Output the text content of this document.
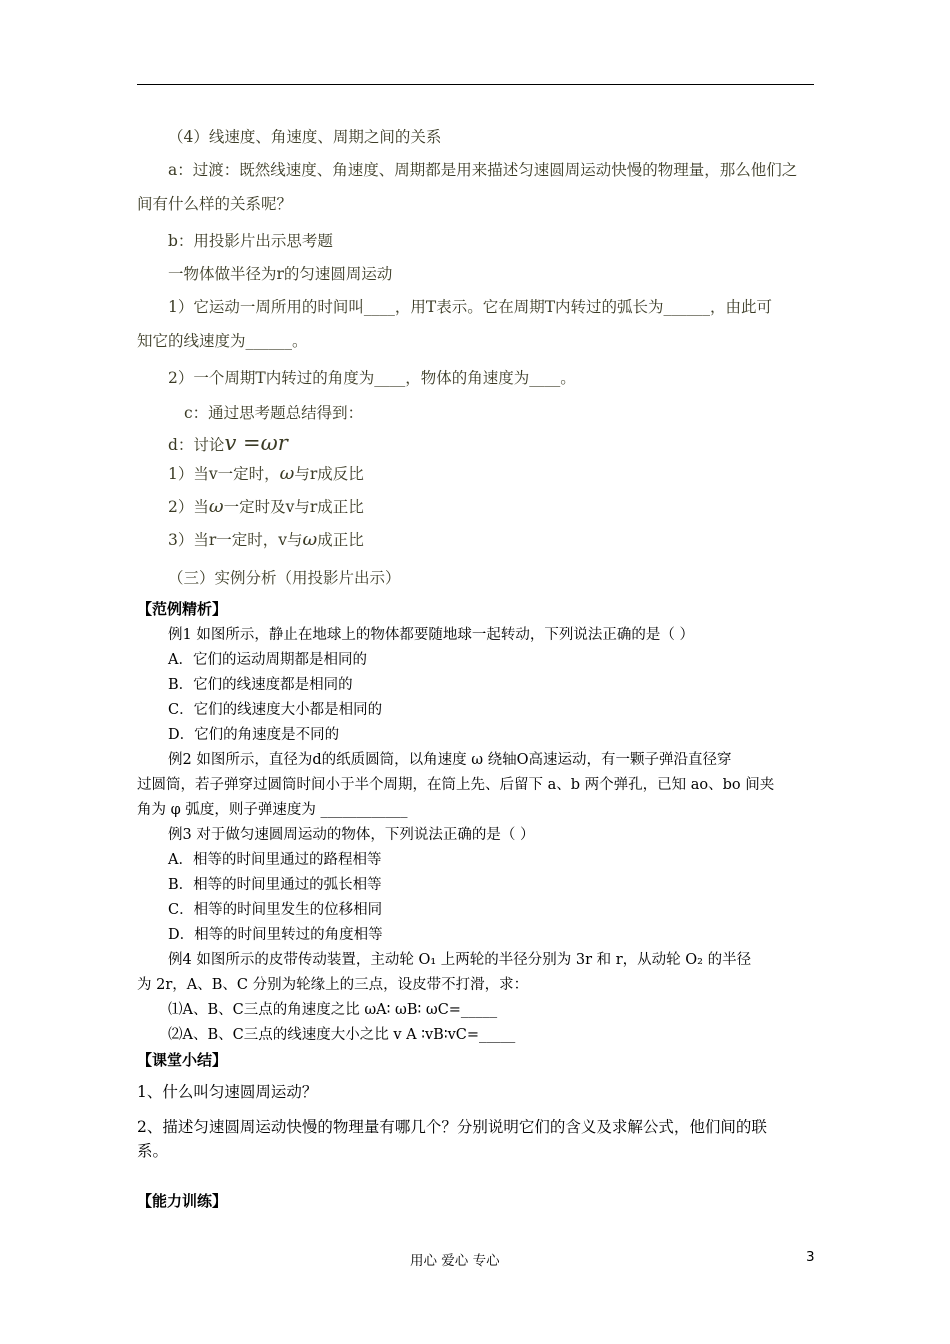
（4）线速度、角速度、周期之间的关系
a：过渡：既然线速度、角速度、周期都是用来描述匀速圆周运动快慢的物理量，那么他们之
间有什么样的关系呢？
b：用投影片出示思考题
一物体做半径为r的匀速圆周运动
1）它运动一周所用的时间叫____，用T表示。它在周期T内转过的弧长为______，由此可
知它的线速度为______。
2）一个周期T内转过的角度为____，物体的角速度为____。
c：通过思考题总结得到：
d：讨论v =ωr
1）当v一定时，ω与r成反比
2）当ω一定时及v与r成正比
3）当r一定时，v与ω成正比
（三）实例分析（用投影片出示）
【范例精析】
例1 如图所示，静止在地球上的物体都要随地球一起转动，下列说法正确的是（ ）
A．它们的运动周期都是相同的
B．它们的线速度都是相同的
C．它们的线速度大小都是相同的
D．它们的角速度是不同的
例2 如图所示，直径为d的纸质圆筒，以角速度 ω 绕轴O高速运动，有一颗子弹沿直径穿
过圆筒，若子弹穿过圆筒时间小于半个周期，在筒上先、后留下 a、b 两个弹孔，已知 ao、bo 间夹
角为 φ 弧度，则子弹速度为 ____________
例3 对于做匀速圆周运动的物体，下列说法正确的是（ ）
A．相等的时间里通过的路程相等
B．相等的时间里通过的弧长相等
C．相等的时间里发生的位移相同
D．相等的时间里转过的角度相等
例4 如图所示的皮带传动装置，主动轮 O₁ 上两轮的半径分别为 3r 和 r，从动轮 O₂ 的半径
为 2r，A、B、C 分别为轮缘上的三点，设皮带不打滑，求：
⑴A、B、C三点的角速度之比 ωA∶ ωB∶ ωC=_____
⑵A、B、C三点的线速度大小之比 v A ∶vB∶vC=_____
【课堂小结】
1、什么叫匀速圆周运动？
2、描述匀速圆周运动快慢的物理量有哪几个？分别说明它们的含义及求解公式，他们间的联
系。
【能力训练】
用心 爱心 专心	3
